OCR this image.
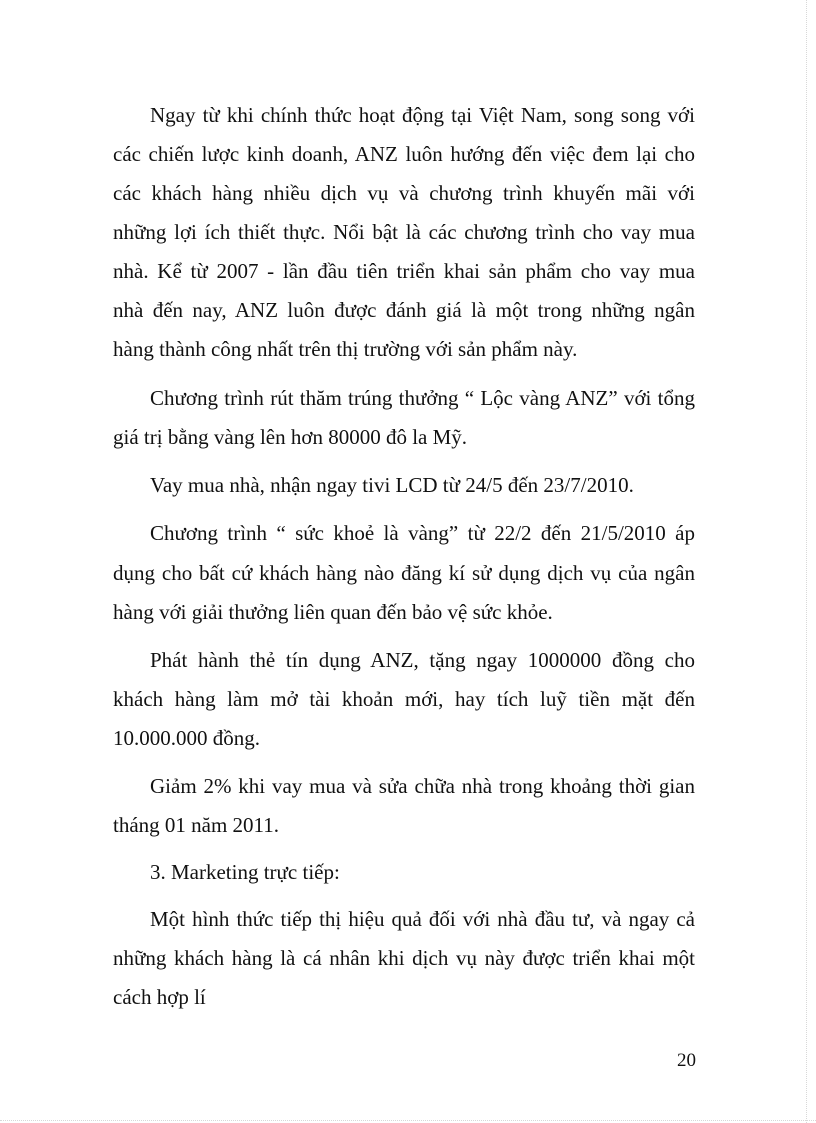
Ngay từ khi chính thức hoạt động tại Việt Nam, song song với
các chiến lược kinh doanh, ANZ luôn hướng đến việc đem lại cho
các khách hàng nhiều dịch vụ và chương trình khuyến mãi với
những lợi ích thiết thực. Nổi bật là các chương trình cho vay mua
nhà. Kể từ 2007 - lần đầu tiên triển khai sản phẩm cho vay mua
nhà đến nay, ANZ luôn được đánh giá là một trong những ngân
hàng thành công nhất trên thị trường với sản phẩm này.
Chương trình rút thăm trúng thưởng “ Lộc vàng ANZ” với tổng
giá trị bằng vàng lên hơn 80000 đô la Mỹ.
Vay mua nhà, nhận ngay tivi LCD từ 24/5 đến 23/7/2010.
Chương trình “ sức khoẻ là vàng” từ 22/2 đến 21/5/2010 áp
dụng cho bất cứ khách hàng nào đăng kí sử dụng dịch vụ của ngân
hàng với giải thưởng liên quan đến bảo vệ sức khỏe.
Phát hành thẻ tín dụng ANZ, tặng ngay 1000000 đồng cho
khách hàng làm mở tài khoản mới, hay tích luỹ tiền mặt đến
10.000.000 đồng.
Giảm 2% khi vay mua và sửa chữa nhà trong khoảng thời gian
tháng 01 năm 2011.
3. Marketing trực tiếp:
Một hình thức tiếp thị hiệu quả đối với nhà đầu tư, và ngay cả
những khách hàng là cá nhân khi dịch vụ này được triển khai một
cách hợp lí
20
